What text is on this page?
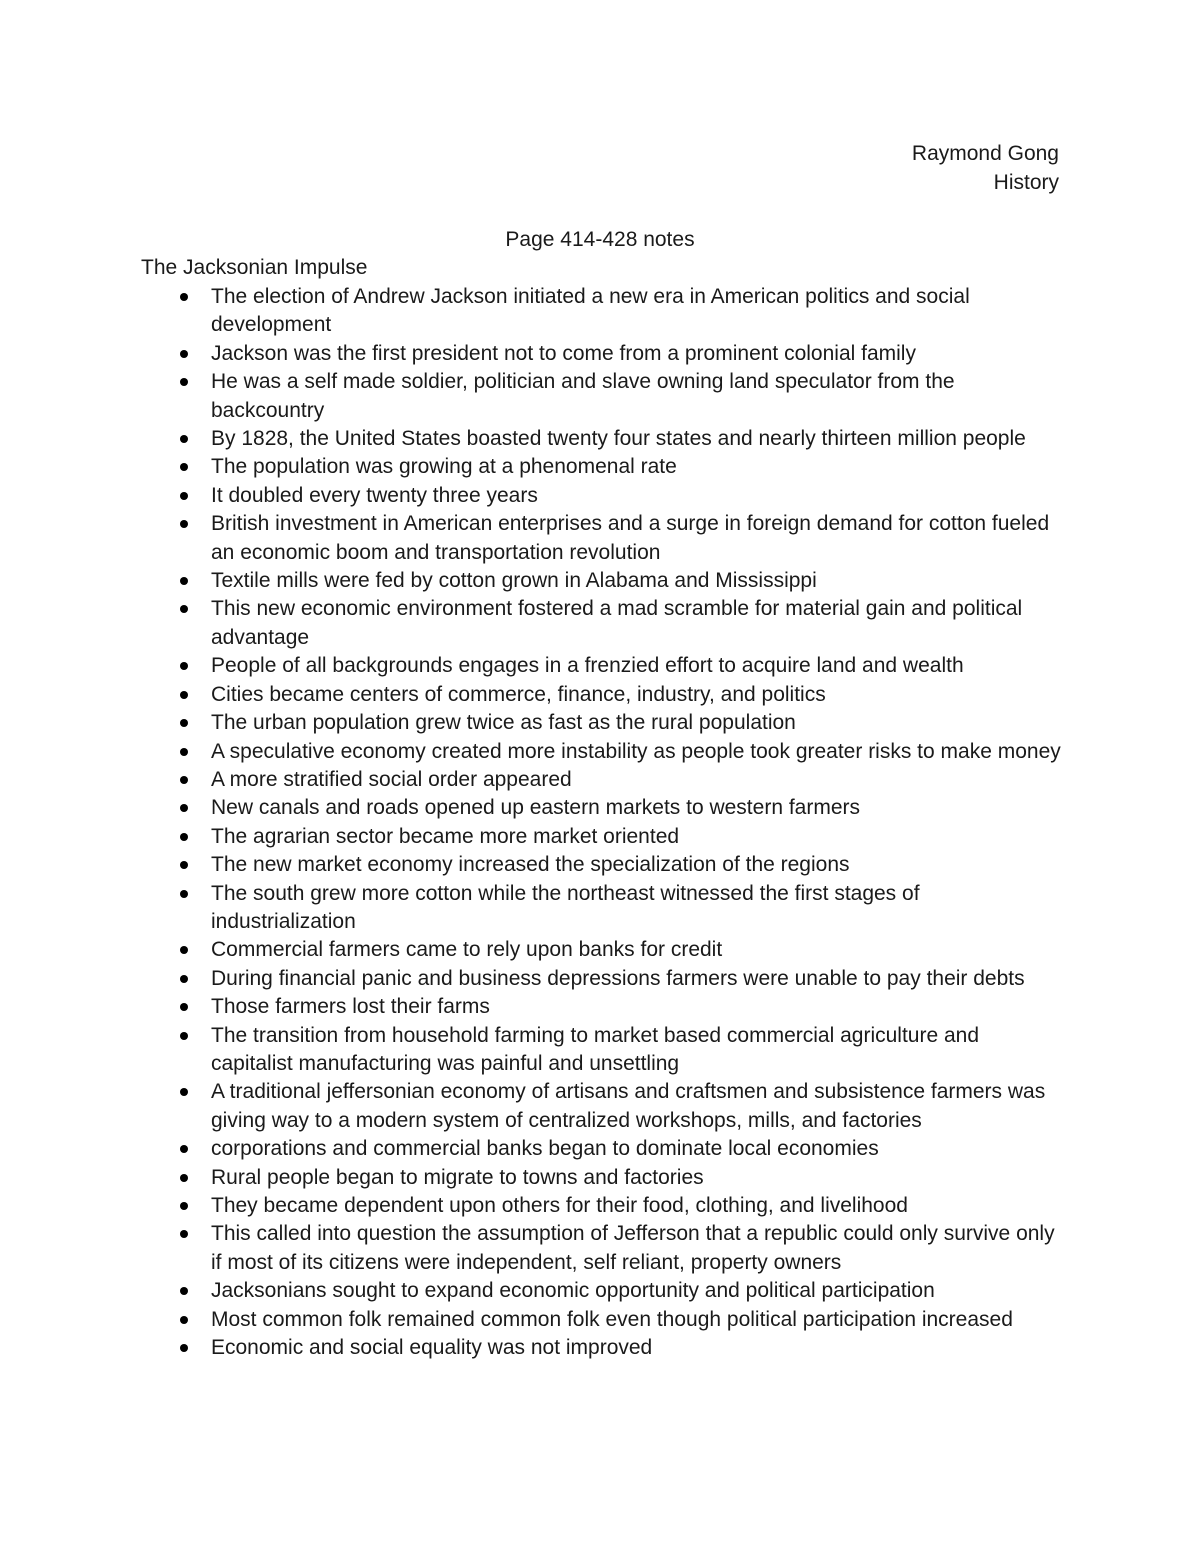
Raymond Gong
History
Page 414-428 notes
The Jacksonian Impulse
The election of Andrew Jackson initiated a new era in American politics and social development
Jackson was the first president not to come from a prominent colonial family
He was a self made soldier, politician and slave owning land speculator from the backcountry
By 1828, the United States boasted twenty four states and nearly thirteen million people
The population was growing at a phenomenal rate
It doubled every twenty three years
British investment in American enterprises and a surge in foreign demand for cotton fueled an economic boom and transportation revolution
Textile mills were fed by cotton grown in Alabama and Mississippi
This new economic environment fostered a mad scramble for material gain and political advantage
People of all backgrounds engages in a frenzied effort to acquire land and wealth
Cities became centers of commerce, finance, industry, and politics
The urban population grew twice as fast as the rural population
A speculative economy created more instability as people took greater risks to make money
A more stratified social order appeared
New canals and roads opened up eastern markets to western farmers
The agrarian sector became more market oriented
The new market economy increased the specialization of the regions
The south grew more cotton while the northeast witnessed the first stages of industrialization
Commercial farmers came to rely upon banks for credit
During financial panic and business depressions farmers were unable to pay their debts
Those farmers lost their farms
The transition from household farming to market based commercial agriculture and capitalist manufacturing was painful and unsettling
A traditional jeffersonian economy of artisans and craftsmen and subsistence farmers was giving way to a modern system of centralized workshops, mills, and factories
corporations and commercial banks began to dominate local economies
Rural people began to migrate to towns and factories
They became dependent upon others for their food, clothing, and livelihood
This called into question the assumption of Jefferson that a republic could only survive only if most of its citizens were independent, self reliant, property owners
Jacksonians sought to expand economic opportunity and political participation
Most common folk remained common folk even though political participation increased
Economic and social equality was not improved
